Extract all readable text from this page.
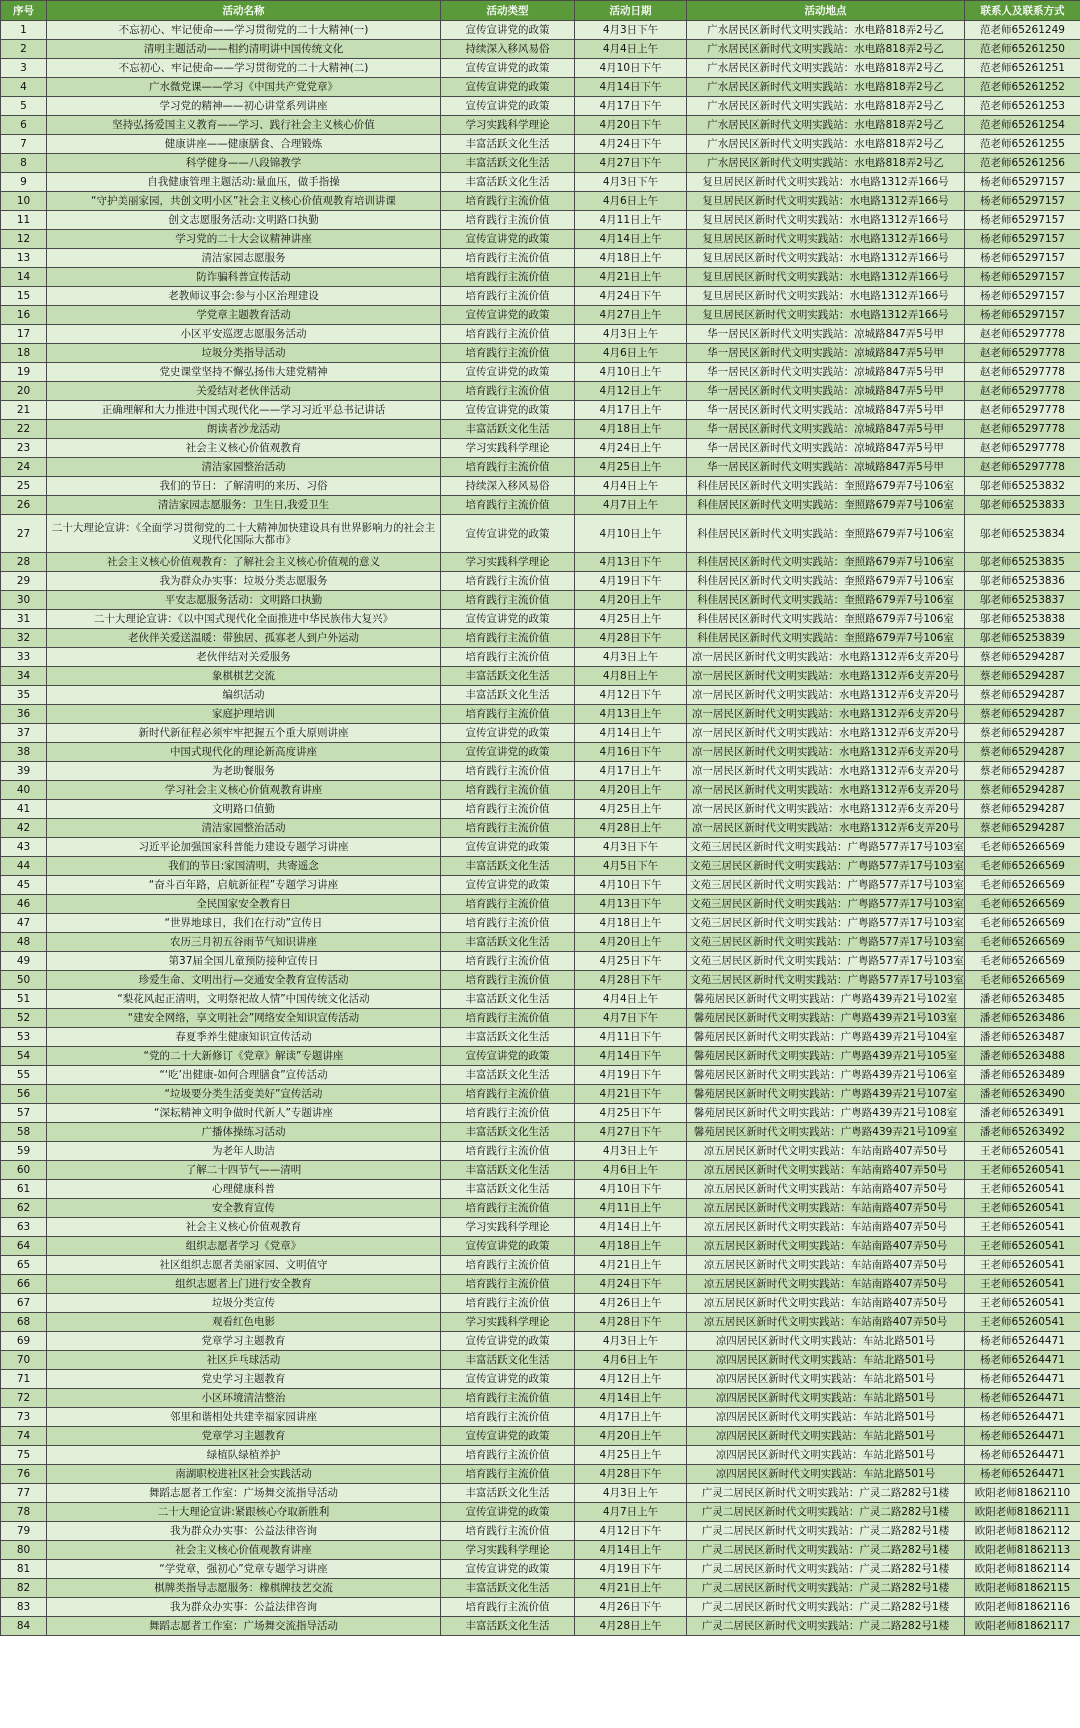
序号	活动名称	活动类型	活动日期	活动地点	联系人及联系方式
1	不忘初心、牢记使命——学习贯彻党的二十大精神(一)	宣传宣讲党的政策	4月3日下午	广水居民区新时代文明实践站：水电路818弄2号乙	范老师65261249
2	清明主题活动——相约清明讲中国传统文化	持续深入移风易俗	4月4日上午	广水居民区新时代文明实践站：水电路818弄2号乙	范老师65261250
3	不忘初心、牢记使命——学习贯彻党的二十大精神(二)	宣传宣讲党的政策	4月10日下午	广水居民区新时代文明实践站：水电路818弄2号乙	范老师65261251
4	广水微党课——学习《中国共产党党章》	宣传宣讲党的政策	4月14日下午	广水居民区新时代文明实践站：水电路818弄2号乙	范老师65261252
5	学习党的精神——初心讲堂系列讲座	宣传宣讲党的政策	4月17日下午	广水居民区新时代文明实践站：水电路818弄2号乙	范老师65261253
6	坚持弘扬爱国主义教育——学习、践行社会主义核心价值	学习实践科学理论	4月20日下午	广水居民区新时代文明实践站：水电路818弄2号乙	范老师65261254
7	健康讲座——健康膳食、合理锻炼	丰富活跃文化生活	4月24日下午	广水居民区新时代文明实践站：水电路818弄2号乙	范老师65261255
8	科学健身——八段锦教学	丰富活跃文化生活	4月27日下午	广水居民区新时代文明实践站：水电路818弄2号乙	范老师65261256
9	自我健康管理主题活动:量血压，做手指操	丰富活跃文化生活	4月3日下午	复旦居民区新时代文明实践站：水电路1312弄166号	杨老师65297157
10	“守护美丽家园，共创文明小区”社会主义核心价值观教育培训讲课	培育践行主流价值	4月6日上午	复旦居民区新时代文明实践站：水电路1312弄166号	杨老师65297157
11	创文志愿服务活动:文明路口执勤	培育践行主流价值	4月11日上午	复旦居民区新时代文明实践站：水电路1312弄166号	杨老师65297157
12	学习党的二十大会议精神讲座	宣传宣讲党的政策	4月14日上午	复旦居民区新时代文明实践站：水电路1312弄166号	杨老师65297157
13	清洁家园志愿服务	培育践行主流价值	4月18日上午	复旦居民区新时代文明实践站：水电路1312弄166号	杨老师65297157
14	防诈骗科普宣传活动	培育践行主流价值	4月21日上午	复旦居民区新时代文明实践站：水电路1312弄166号	杨老师65297157
15	老教师议事会:参与小区治理建设	培育践行主流价值	4月24日下午	复旦居民区新时代文明实践站：水电路1312弄166号	杨老师65297157
16	学党章主题教育活动	宣传宣讲党的政策	4月27日上午	复旦居民区新时代文明实践站：水电路1312弄166号	杨老师65297157
17	小区平安巡逻志愿服务活动	培育践行主流价值	4月3日上午	华一居民区新时代文明实践站：凉城路847弄5号甲	赵老师65297778
18	垃圾分类指导活动	培育践行主流价值	4月6日上午	华一居民区新时代文明实践站：凉城路847弄5号甲	赵老师65297778
19	党史课堂坚持不懈弘扬伟大建党精神	宣传宣讲党的政策	4月10日上午	华一居民区新时代文明实践站：凉城路847弄5号甲	赵老师65297778
20	关爱结对老伙伴活动	培育践行主流价值	4月12日上午	华一居民区新时代文明实践站：凉城路847弄5号甲	赵老师65297778
21	正确理解和大力推进中国式现代化——学习习近平总书记讲话	宣传宣讲党的政策	4月17日上午	华一居民区新时代文明实践站：凉城路847弄5号甲	赵老师65297778
22	朗读者沙龙活动	丰富活跃文化生活	4月18日上午	华一居民区新时代文明实践站：凉城路847弄5号甲	赵老师65297778
23	社会主义核心价值观教育	学习实践科学理论	4月24日上午	华一居民区新时代文明实践站：凉城路847弄5号甲	赵老师65297778
24	清洁家园整治活动	培育践行主流价值	4月25日上午	华一居民区新时代文明实践站：凉城路847弄5号甲	赵老师65297778
25	我们的节日：了解清明的来历、习俗	持续深入移风易俗	4月4日上午	科佳居民区新时代文明实践站：奎照路679弄7号106室	邬老师65253832
26	清洁家园志愿服务：卫生日,我爱卫生	培育践行主流价值	4月7日上午	科佳居民区新时代文明实践站：奎照路679弄7号106室	邬老师65253833
27	二十大理论宣讲：《全面学习贯彻党的二十大精神加快建设具有世界影响力的社会主义现代化国际大都市》	宣传宣讲党的政策	4月10日上午	科佳居民区新时代文明实践站：奎照路679弄7号106室	邬老师65253834
28	社会主义核心价值观教育：了解社会主义核心价值观的意义	学习实践科学理论	4月13日下午	科佳居民区新时代文明实践站：奎照路679弄7号106室	邬老师65253835
29	我为群众办实事：垃圾分类志愿服务	培育践行主流价值	4月19日下午	科佳居民区新时代文明实践站：奎照路679弄7号106室	邬老师65253836
30	平安志愿服务活动：文明路口执勤	培育践行主流价值	4月20日上午	科佳居民区新时代文明实践站：奎照路679弄7号106室	邬老师65253837
31	二十大理论宣讲：《以中国式现代化全面推进中华民族伟大复兴》	宣传宣讲党的政策	4月25日上午	科佳居民区新时代文明实践站：奎照路679弄7号106室	邬老师65253838
32	老伙伴关爱送温暖：带独居、孤寡老人到户外运动	培育践行主流价值	4月28日下午	科佳居民区新时代文明实践站：奎照路679弄7号106室	邬老师65253839
33	老伙伴结对关爱服务	培育践行主流价值	4月3日上午	凉一居民区新时代文明实践站：水电路1312弄6支弄20号	蔡老师65294287
34	象棋棋艺交流	丰富活跃文化生活	4月8日上午	凉一居民区新时代文明实践站：水电路1312弄6支弄20号	蔡老师65294287
35	编织活动	丰富活跃文化生活	4月12日下午	凉一居民区新时代文明实践站：水电路1312弄6支弄20号	蔡老师65294287
36	家庭护理培训	培育践行主流价值	4月13日上午	凉一居民区新时代文明实践站：水电路1312弄6支弄20号	蔡老师65294287
37	新时代新征程必须牢牢把握五个重大原则讲座	宣传宣讲党的政策	4月14日上午	凉一居民区新时代文明实践站：水电路1312弄6支弄20号	蔡老师65294287
38	中国式现代化的理论新高度讲座	宣传宣讲党的政策	4月16日下午	凉一居民区新时代文明实践站：水电路1312弄6支弄20号	蔡老师65294287
39	为老助餐服务	培育践行主流价值	4月17日上午	凉一居民区新时代文明实践站：水电路1312弄6支弄20号	蔡老师65294287
40	学习社会主义核心价值观教育讲座	培育践行主流价值	4月20日上午	凉一居民区新时代文明实践站：水电路1312弄6支弄20号	蔡老师65294287
41	文明路口值勤	培育践行主流价值	4月25日上午	凉一居民区新时代文明实践站：水电路1312弄6支弄20号	蔡老师65294287
42	清洁家园整治活动	培育践行主流价值	4月28日上午	凉一居民区新时代文明实践站：水电路1312弄6支弄20号	蔡老师65294287
43	习近平论加强国家科普能力建设专题学习讲座	宣传宣讲党的政策	4月3日下午	文苑三居民区新时代文明实践站：广粤路577弄17号103室	毛老师65266569
44	我们的节日:家国清明，共寄遥念	丰富活跃文化生活	4月5日下午	文苑三居民区新时代文明实践站：广粤路577弄17号103室	毛老师65266569
45	“奋斗百年路，启航新征程”专题学习讲座	宣传宣讲党的政策	4月10日下午	文苑三居民区新时代文明实践站：广粤路577弄17号103室	毛老师65266569
46	全民国家安全教育日	培育践行主流价值	4月13日下午	文苑三居民区新时代文明实践站：广粤路577弄17号103室	毛老师65266569
47	“世界地球日，我们在行动”宣传日	培育践行主流价值	4月18日上午	文苑三居民区新时代文明实践站：广粤路577弄17号103室	毛老师65266569
48	农历三月初五谷雨节气知识讲座	丰富活跃文化生活	4月20日上午	文苑三居民区新时代文明实践站：广粤路577弄17号103室	毛老师65266569
49	第37届全国儿童预防接种宣传日	培育践行主流价值	4月25日下午	文苑三居民区新时代文明实践站：广粤路577弄17号103室	毛老师65266569
50	珍爱生命、文明出行—交通安全教育宣传活动	培育践行主流价值	4月28日下午	文苑三居民区新时代文明实践站：广粤路577弄17号103室	毛老师65266569
51	“梨花风起正清明，文明祭祀故人情”中国传统文化活动	丰富活跃文化生活	4月4日上午	馨苑居民区新时代文明实践站：广粤路439弄21号102室	潘老师65263485
52	“建安全网络，享文明社会”网络安全知识宣传活动	培育践行主流价值	4月7日下午	馨苑居民区新时代文明实践站：广粤路439弄21号103室	潘老师65263486
53	春夏季养生健康知识宣传活动	丰富活跃文化生活	4月11日下午	馨苑居民区新时代文明实践站：广粤路439弄21号104室	潘老师65263487
54	“党的二十大新修订《党章》解读”专题讲座	宣传宣讲党的政策	4月14日下午	馨苑居民区新时代文明实践站：广粤路439弄21号105室	潘老师65263488
55	“‘吃’出健康-如何合理膳食”宣传活动	丰富活跃文化生活	4月19日下午	馨苑居民区新时代文明实践站：广粤路439弄21号106室	潘老师65263489
56	“垃圾要分类生活变美好”宣传活动	培育践行主流价值	4月21日下午	馨苑居民区新时代文明实践站：广粤路439弄21号107室	潘老师65263490
57	“深耘精神文明争做时代新人”专题讲座	培育践行主流价值	4月25日下午	馨苑居民区新时代文明实践站：广粤路439弄21号108室	潘老师65263491
58	广播体操练习活动	丰富活跃文化生活	4月27日下午	馨苑居民区新时代文明实践站：广粤路439弄21号109室	潘老师65263492
59	为老年人助洁	培育践行主流价值	4月3日上午	凉五居民区新时代文明实践站：车站南路407弄50号	王老师65260541
60	了解二十四节气——清明	丰富活跃文化生活	4月6日上午	凉五居民区新时代文明实践站：车站南路407弄50号	王老师65260541
61	心理健康科普	丰富活跃文化生活	4月10日下午	凉五居民区新时代文明实践站：车站南路407弄50号	王老师65260541
62	安全教育宣传	培育践行主流价值	4月11日上午	凉五居民区新时代文明实践站：车站南路407弄50号	王老师65260541
63	社会主义核心价值观教育	学习实践科学理论	4月14日上午	凉五居民区新时代文明实践站：车站南路407弄50号	王老师65260541
64	组织志愿者学习《党章》	宣传宣讲党的政策	4月18日上午	凉五居民区新时代文明实践站：车站南路407弄50号	王老师65260541
65	社区组织志愿者美丽家园、文明值守	培育践行主流价值	4月21日上午	凉五居民区新时代文明实践站：车站南路407弄50号	王老师65260541
66	组织志愿者上门进行安全教育	培育践行主流价值	4月24日下午	凉五居民区新时代文明实践站：车站南路407弄50号	王老师65260541
67	垃圾分类宣传	培育践行主流价值	4月26日上午	凉五居民区新时代文明实践站：车站南路407弄50号	王老师65260541
68	观看红色电影	学习实践科学理论	4月28日下午	凉五居民区新时代文明实践站：车站南路407弄50号	王老师65260541
69	党章学习主题教育	宣传宣讲党的政策	4月3日上午	凉四居民区新时代文明实践站：车站北路501号	杨老师65264471
70	社区乒乓球活动	丰富活跃文化生活	4月6日上午	凉四居民区新时代文明实践站：车站北路501号	杨老师65264471
71	党史学习主题教育	宣传宣讲党的政策	4月12日上午	凉四居民区新时代文明实践站：车站北路501号	杨老师65264471
72	小区环境清洁整治	培育践行主流价值	4月14日上午	凉四居民区新时代文明实践站：车站北路501号	杨老师65264471
73	邻里和谐相处共建幸福家园讲座	培育践行主流价值	4月17日上午	凉四居民区新时代文明实践站：车站北路501号	杨老师65264471
74	党章学习主题教育	宣传宣讲党的政策	4月20日上午	凉四居民区新时代文明实践站：车站北路501号	杨老师65264471
75	绿植队绿植养护	培育践行主流价值	4月25日上午	凉四居民区新时代文明实践站：车站北路501号	杨老师65264471
76	南湖职校进社区社会实践活动	培育践行主流价值	4月28日下午	凉四居民区新时代文明实践站：车站北路501号	杨老师65264471
77	舞蹈志愿者工作室：广场舞交流指导活动	丰富活跃文化生活	4月3日上午	广灵二居民区新时代文明实践站：广灵二路282号1楼	欧阳老师81862110
78	二十大理论宣讲:紧跟核心夺取新胜利	宣传宣讲党的政策	4月7日上午	广灵二居民区新时代文明实践站：广灵二路282号1楼	欧阳老师81862111
79	我为群众办实事：公益法律咨询	培育践行主流价值	4月12日下午	广灵二居民区新时代文明实践站：广灵二路282号1楼	欧阳老师81862112
80	社会主义核心价值观教育讲座	学习实践科学理论	4月14日上午	广灵二居民区新时代文明实践站：广灵二路282号1楼	欧阳老师81862113
81	“学党章，强初心”党章专题学习讲座	宣传宣讲党的政策	4月19日下午	广灵二居民区新时代文明实践站：广灵二路282号1楼	欧阳老师81862114
82	棋牌类指导志愿服务：橡棋牌技艺交流	丰富活跃文化生活	4月21日上午	广灵二居民区新时代文明实践站：广灵二路282号1楼	欧阳老师81862115
83	我为群众办实事：公益法律咨询	培育践行主流价值	4月26日下午	广灵二居民区新时代文明实践站：广灵二路282号1楼	欧阳老师81862116
84	舞蹈志愿者工作室：广场舞交流指导活动	丰富活跃文化生活	4月28日上午	广灵二居民区新时代文明实践站：广灵二路282号1楼	欧阳老师81862117
